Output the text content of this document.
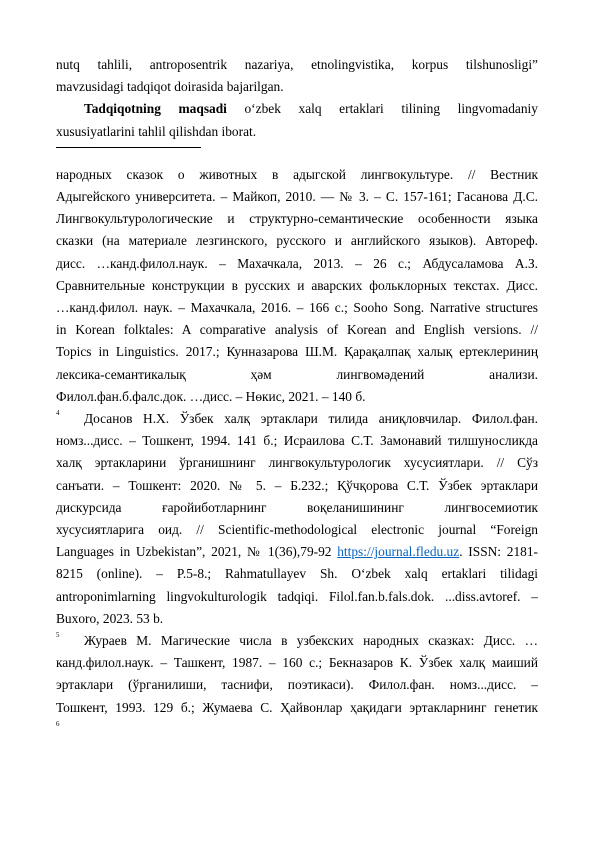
nutq tahlili, antroposentrik nazariya, etnolingvistika, korpus tilshunosligi”

mavzusidagi tadqiqot doirasida bajarilgan.

Tadqiqotning maqsadi o‘zbek xalq ertaklari tilining lingvomadaniy

xususiyatlarini tahlil qilishdan iborat.

народных сказок о животных в адыгской лингвокультуре. // Вестник

Адыгейского университета. – Майкоп, 2010. — № 3. – С. 157-161; Гасанова Д.С.

Лингвокультурологические и структурно-семантические особенности языка

сказки (на материале лезгинского, русского и английского языков). Автореф.

дисс. …канд.филол.наук. – Махачкала, 2013. – 26 с.; Абдусаламова А.З.

Сравнительные конструкции в русских и аварских фольклорных текстах. Дисс.

…канд.филол. наук. – Махачкала, 2016. – 166 с.; Sooho Song. Narrative structures

in Korean folktales: A comparative analysis of Korean and English versions. //

Topics in Linguistics. 2017.; Кунназарова Ш.М. Қарақалпақ халық ертеклериниң

лексика-семантикалық ҳәм лингвомәдений анализи.

Филол.фан.б.фалс.док. …дисс. – Нөкис, 2021. – 140 б.

4	Досанов Н.Х. Ўзбек халқ эртаклари тилида аниқловчилар. Филол.фан.

номз...дисс. – Тошкент, 1994. 141 б.; Исраилова С.Т. Замонавий тилшуносликда

халқ эртакларини ўрганишнинг лингвокультурологик хусусиятлари. // Сўз

санъати. – Тошкент: 2020. № 5. – Б.232.; Қўчқорова С.Т. Ўзбек эртаклари

дискурсида ғаройиботларнинг воқеланишининг лингвосемиотик

хусусиятларига оид. // Scientific-methodological electronic journal “Foreign

Languages in Uzbekistan”, 2021, № 1(36),79-92 https://journal.fledu.uz. ISSN: 2181-

8215 (online). – P.5-8.; Rahmatullayev Sh. O‘zbek xalq ertaklari tilidagi

antroponimlarning lingvokulturologik tadqiqi. Filol.fan.b.fals.dok. ...diss.avtoref. –

Buxoro, 2023. 53 b.

5	Жураев М. Магические числа в узбекских народных сказках: Дисс. …

канд.филол.наук. – Ташкент, 1987. – 160 с.; Бекназаров К. Ўзбек халқ маиший

эртаклари (ўрганилиши, таснифи, поэтикаси). Филол.фан. номз...дисс. –

Тошкент, 1993. 129 б.; Жумаева С. Ҳайвонлар ҳақидаги эртакларнинг генетик

6
